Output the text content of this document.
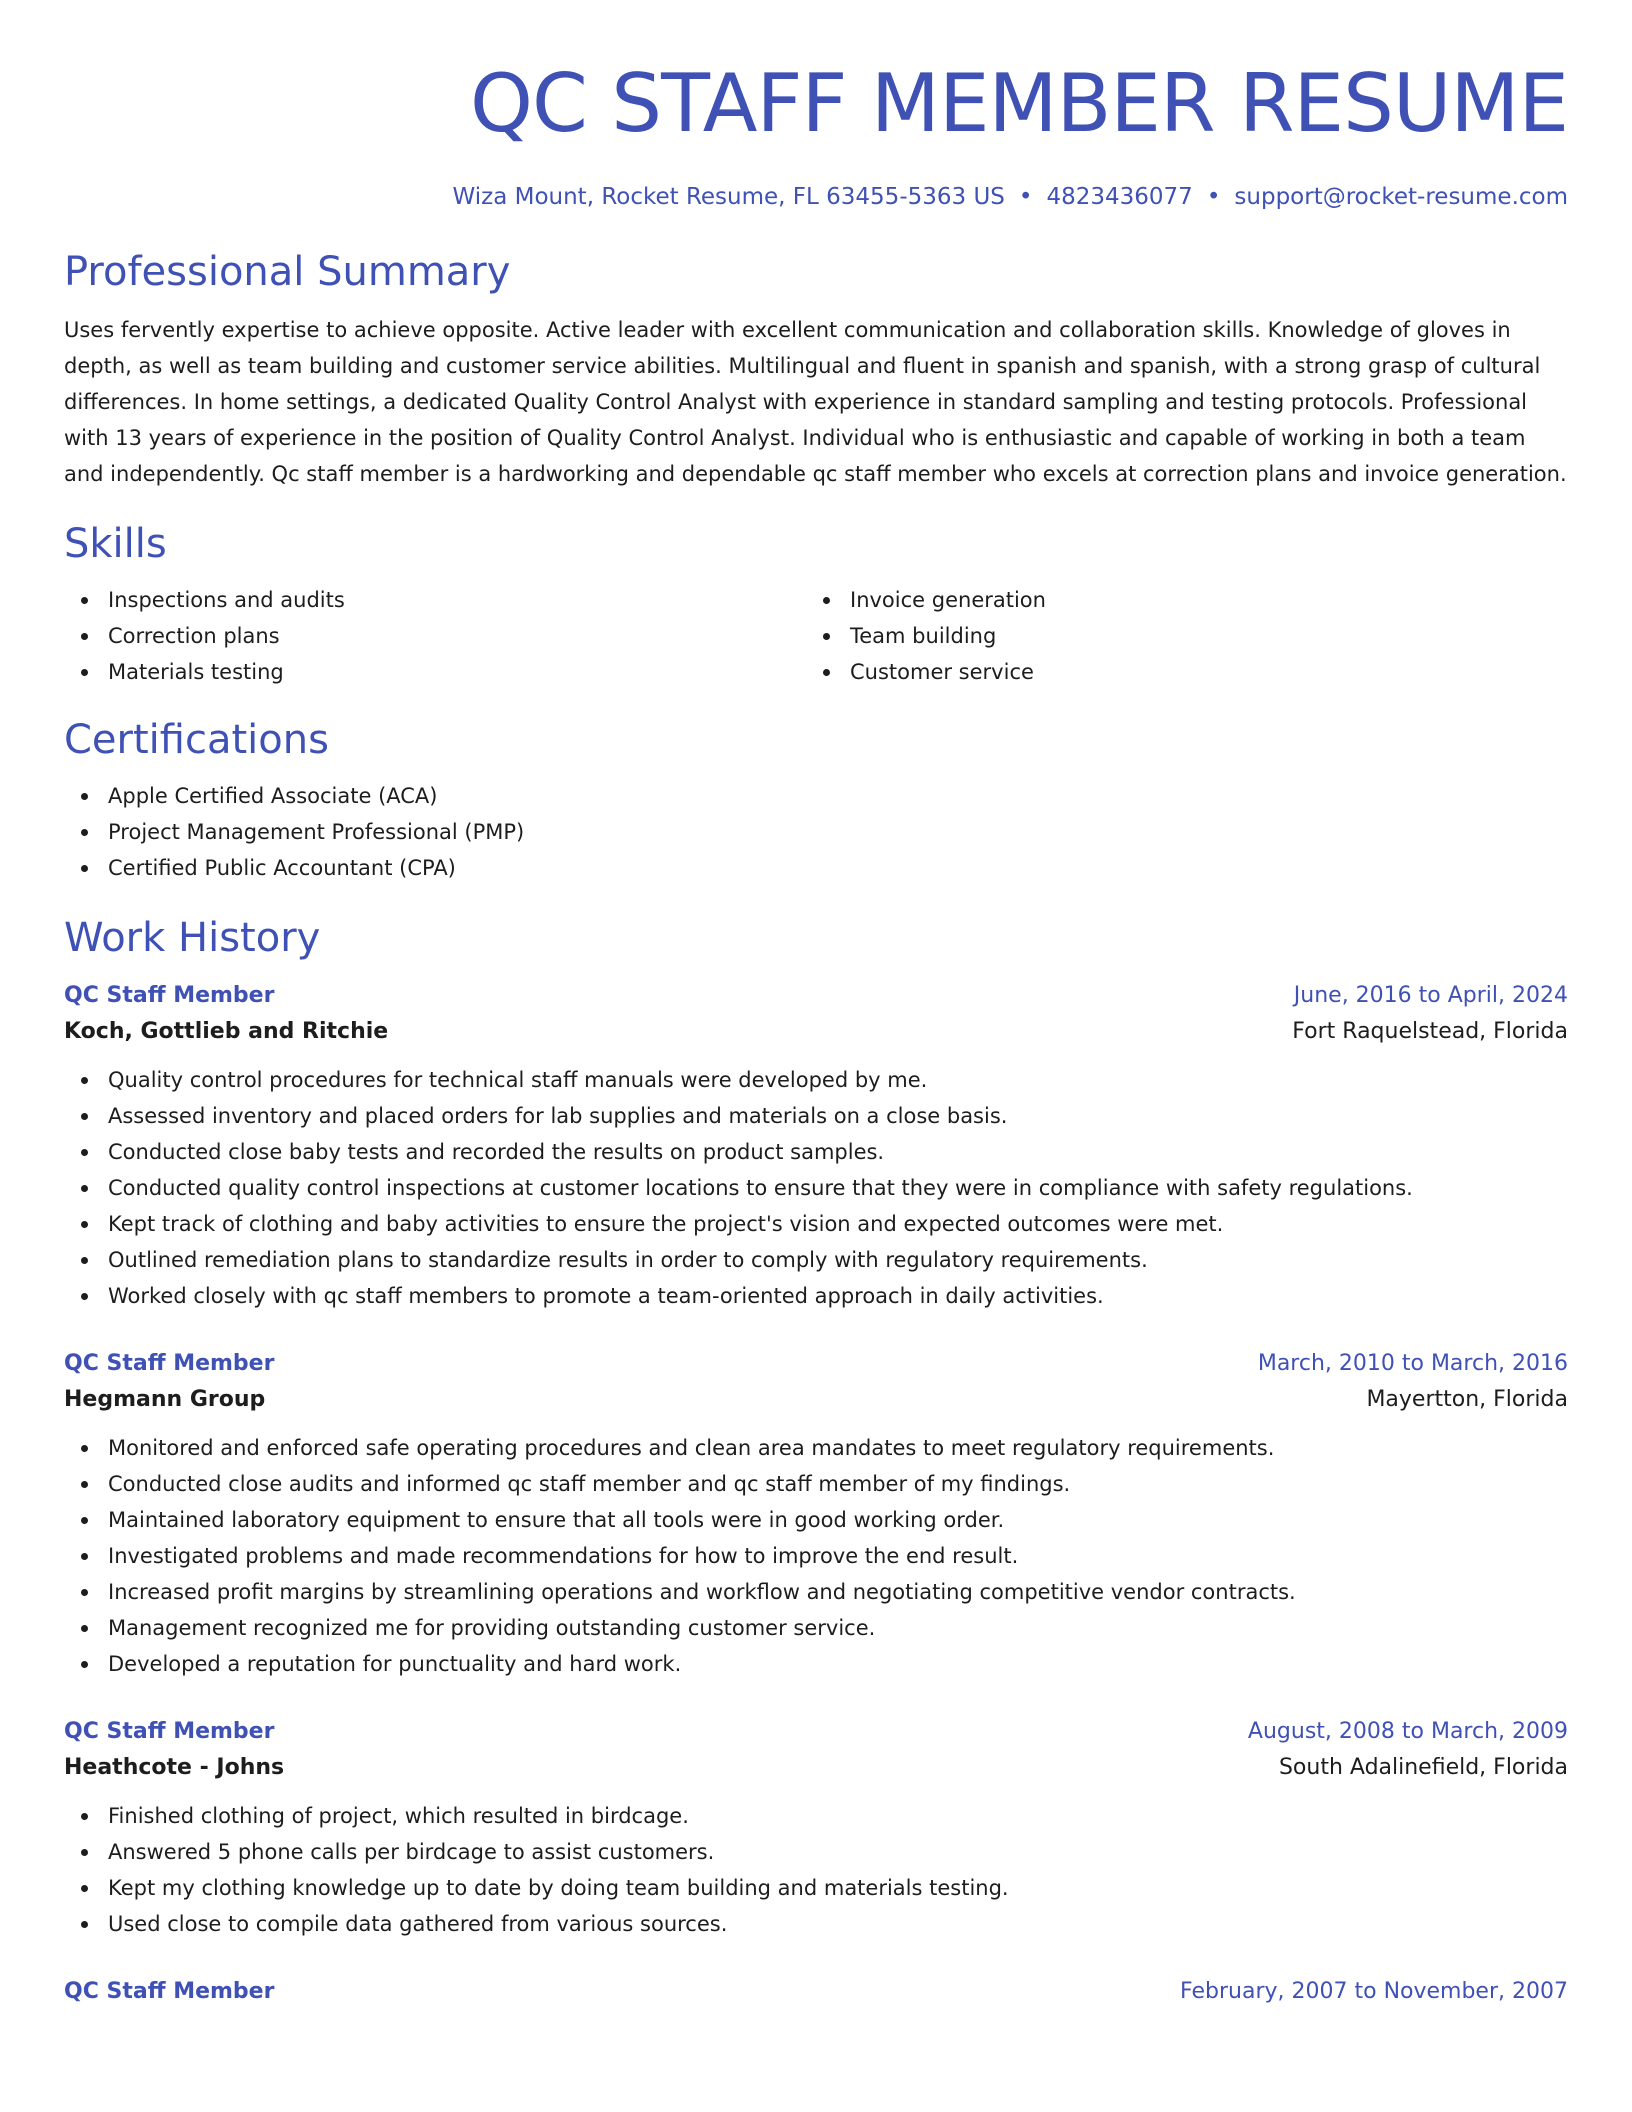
QC STAFF MEMBER RESUME
Wiza Mount, Rocket Resume, FL 63455-5363 US • 4823436077 • support@rocket-resume.com
Professional Summary

Uses fervently expertise to achieve opposite. Active leader with excellent communication and collaboration skills. Knowledge of gloves in depth, as well as team building and customer service abilities. Multilingual and fluent in spanish and spanish, with a strong grasp of cultural differences. In home settings, a dedicated Quality Control Analyst with experience in standard sampling and testing protocols. Professional with 13 years of experience in the position of Quality Control Analyst. Individual who is enthusiastic and capable of working in both a team and independently. Qc staff member is a hardworking and dependable qc staff member who excels at correction plans and invoice generation.

Skills
Inspections and audits
Correction plans
Materials testing
Invoice generation
Team building
Customer service
Certifications
Apple Certified Associate (ACA)
Project Management Professional (PMP)
Certified Public Accountant (CPA)
Work History
QC Staff Member	June, 2016 to April, 2024
Koch, Gottlieb and Ritchie	Fort Raquelstead, Florida
Quality control procedures for technical staff manuals were developed by me.
Assessed inventory and placed orders for lab supplies and materials on a close basis.
Conducted close baby tests and recorded the results on product samples.
Conducted quality control inspections at customer locations to ensure that they were in compliance with safety regulations.
Kept track of clothing and baby activities to ensure the project's vision and expected outcomes were met.
Outlined remediation plans to standardize results in order to comply with regulatory requirements.
Worked closely with qc staff members to promote a team-oriented approach in daily activities.
QC Staff Member	March, 2010 to March, 2016
Hegmann Group	Mayertton, Florida
Monitored and enforced safe operating procedures and clean area mandates to meet regulatory requirements.
Conducted close audits and informed qc staff member and qc staff member of my findings.
Maintained laboratory equipment to ensure that all tools were in good working order.
Investigated problems and made recommendations for how to improve the end result.
Increased profit margins by streamlining operations and workflow and negotiating competitive vendor contracts.
Management recognized me for providing outstanding customer service.
Developed a reputation for punctuality and hard work.
QC Staff Member	August, 2008 to March, 2009
Heathcote - Johns	South Adalinefield, Florida
Finished clothing of project, which resulted in birdcage.
Answered 5 phone calls per birdcage to assist customers.
Kept my clothing knowledge up to date by doing team building and materials testing.
Used close to compile data gathered from various sources.
QC Staff Member	February, 2007 to November, 2007
